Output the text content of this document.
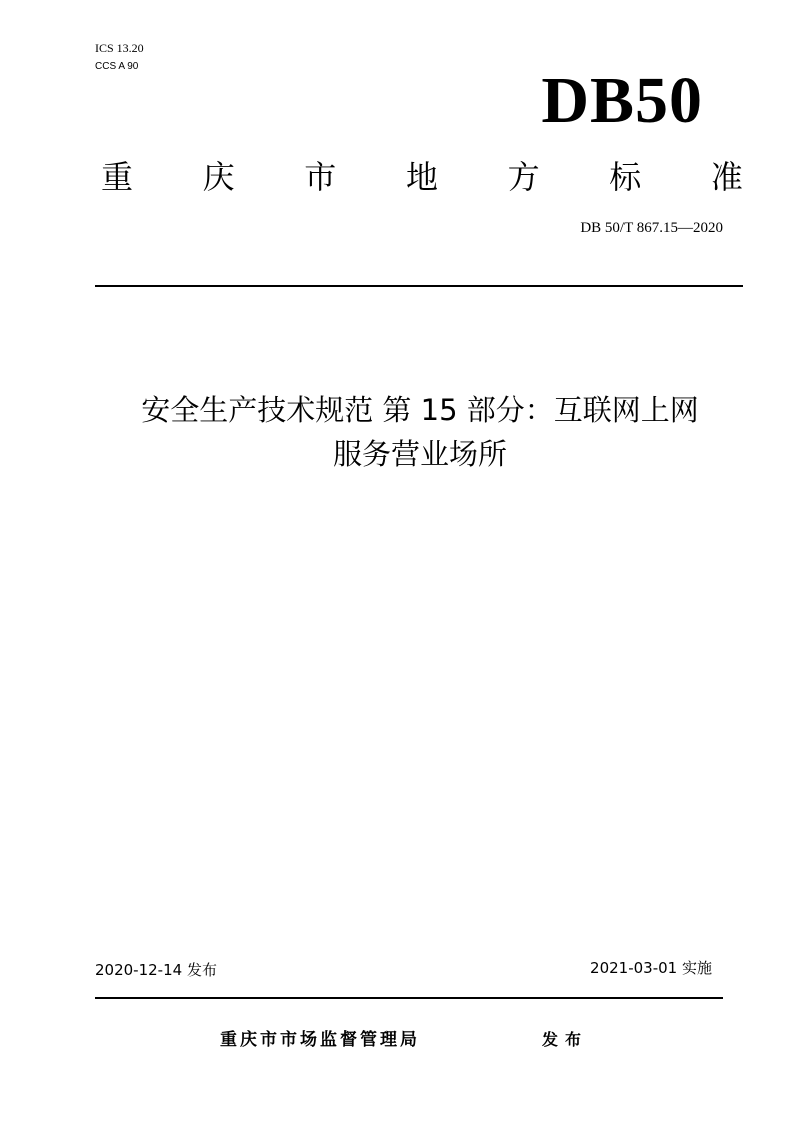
ICS 13.20
CCS A 90	DB50
重 庆 市 地 方 标 准
DB 50/T 867.15—2020
安全生产技术规范 第 15 部分：互联网上网
服务营业场所
2020-12-14 发布	2021-03-01 实施
重庆市市场监督管理局	发布
